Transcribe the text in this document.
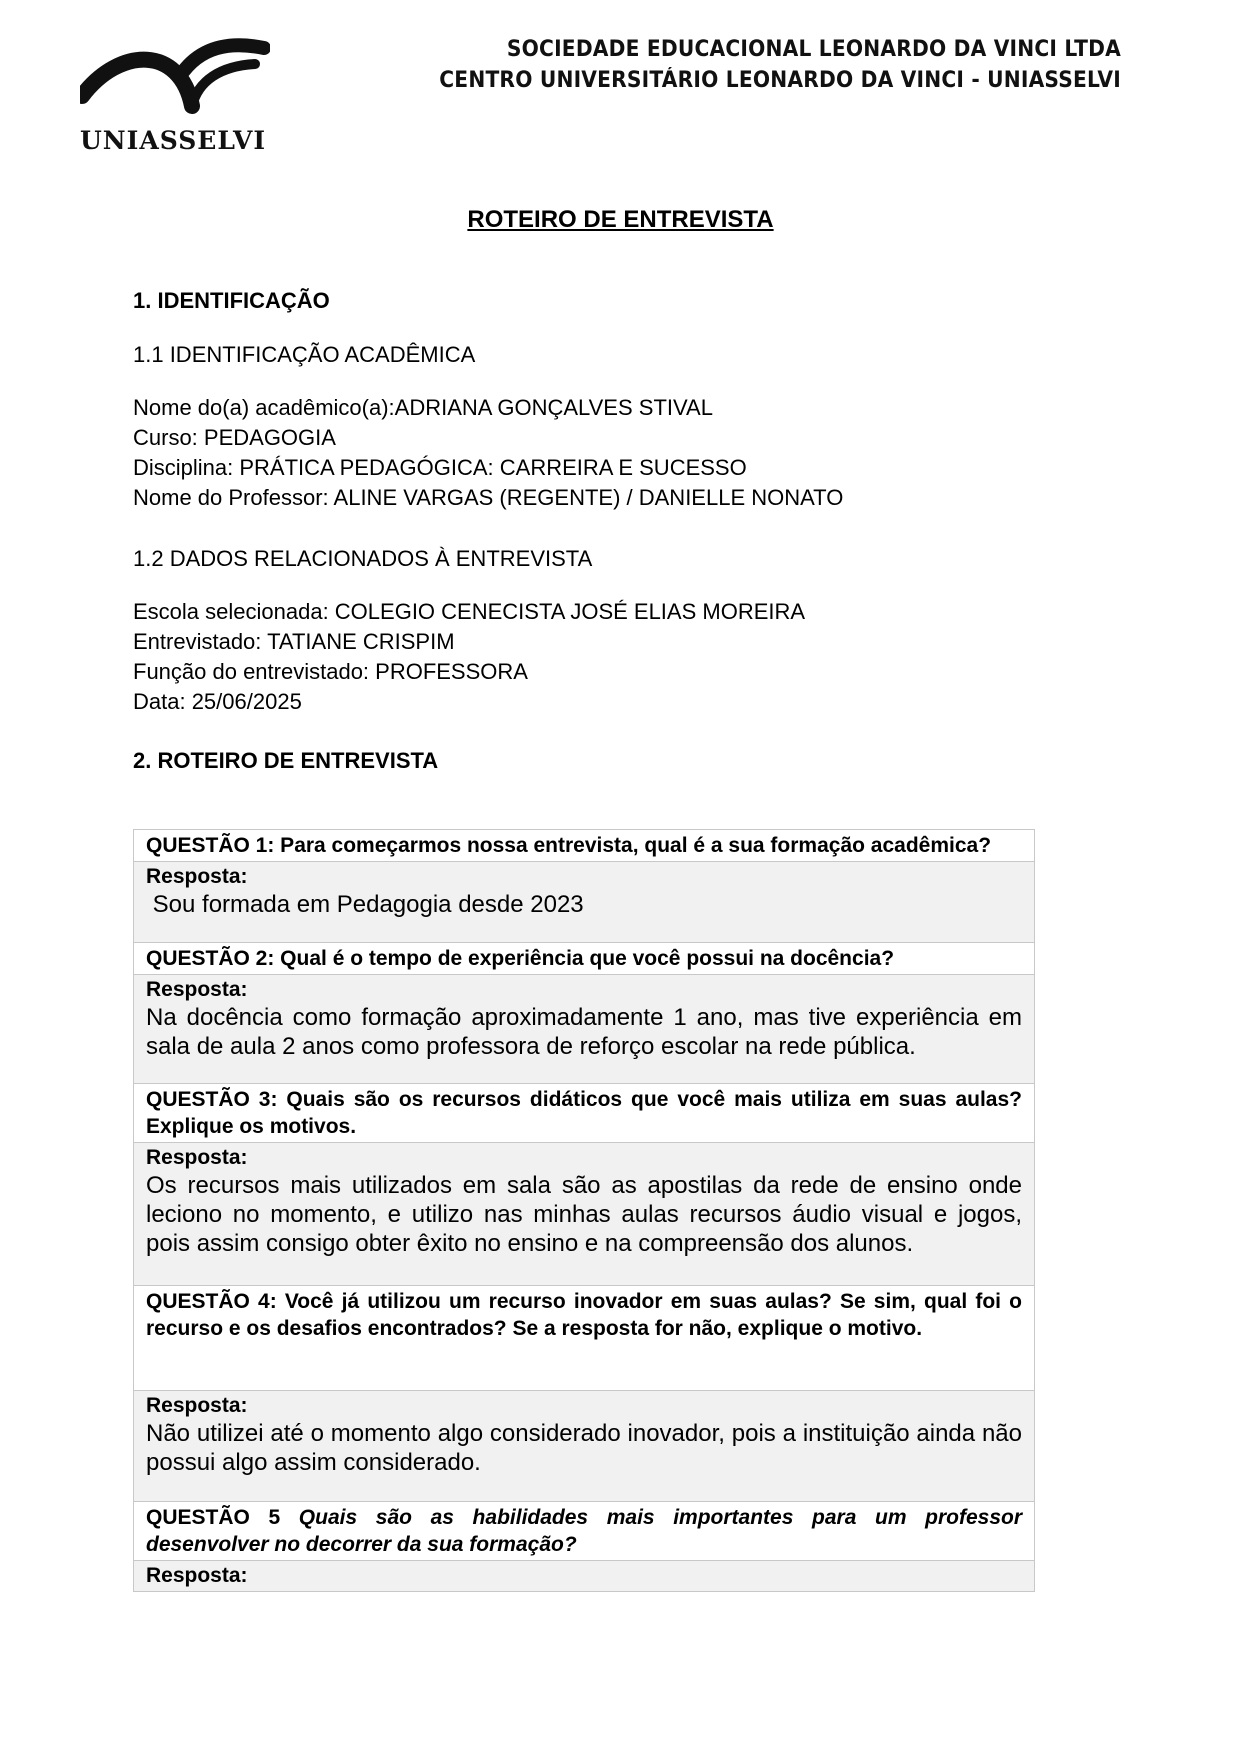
UNIASSELVI
SOCIEDADE EDUCACIONAL LEONARDO DA VINCI LTDA
CENTRO UNIVERSITÁRIO LEONARDO DA VINCI - UNIASSELVI
ROTEIRO DE ENTREVISTA

1. IDENTIFICAÇÃO

1.1 IDENTIFICAÇÃO ACADÊMICA

Nome do(a) acadêmico(a):ADRIANA GONÇALVES STIVAL

Curso: PEDAGOGIA

Disciplina: PRÁTICA PEDAGÓGICA: CARREIRA E SUCESSO

Nome do Professor: ALINE VARGAS (REGENTE) / DANIELLE NONATO

1.2 DADOS RELACIONADOS À ENTREVISTA

Escola selecionada: COLEGIO CENECISTA JOSÉ ELIAS MOREIRA

Entrevistado: TATIANE CRISPIM

Função do entrevistado: PROFESSORA

Data: 25/06/2025

2. ROTEIRO DE ENTREVISTA

QUESTÃO 1: Para começarmos nossa entrevista, qual é a sua formação acadêmica?

Resposta:
Sou formada em Pedagogia desde 2023

QUESTÃO 2: Qual é o tempo de experiência que você possui na docência?

Resposta:
Na docência como formação aproximadamente 1 ano, mas tive experiência em sala de aula 2 anos como professora de reforço escolar na rede pública.

QUESTÃO 3: Quais são os recursos didáticos que você mais utiliza em suas aulas? Explique os motivos.

Resposta:
Os recursos mais utilizados em sala são as apostilas da rede de ensino onde leciono no momento, e utilizo nas minhas aulas recursos áudio visual e jogos, pois assim consigo obter êxito no ensino e na compreensão dos alunos.

QUESTÃO 4: Você já utilizou um recurso inovador em suas aulas? Se sim, qual foi o recurso e os desafios encontrados? Se a resposta for não, explique o motivo.

Resposta:
Não utilizei até o momento algo considerado inovador, pois a instituição ainda não possui algo assim considerado.

QUESTÃO 5 Quais são as habilidades mais importantes para um professor desenvolver no decorrer da sua formação?

Resposta:
